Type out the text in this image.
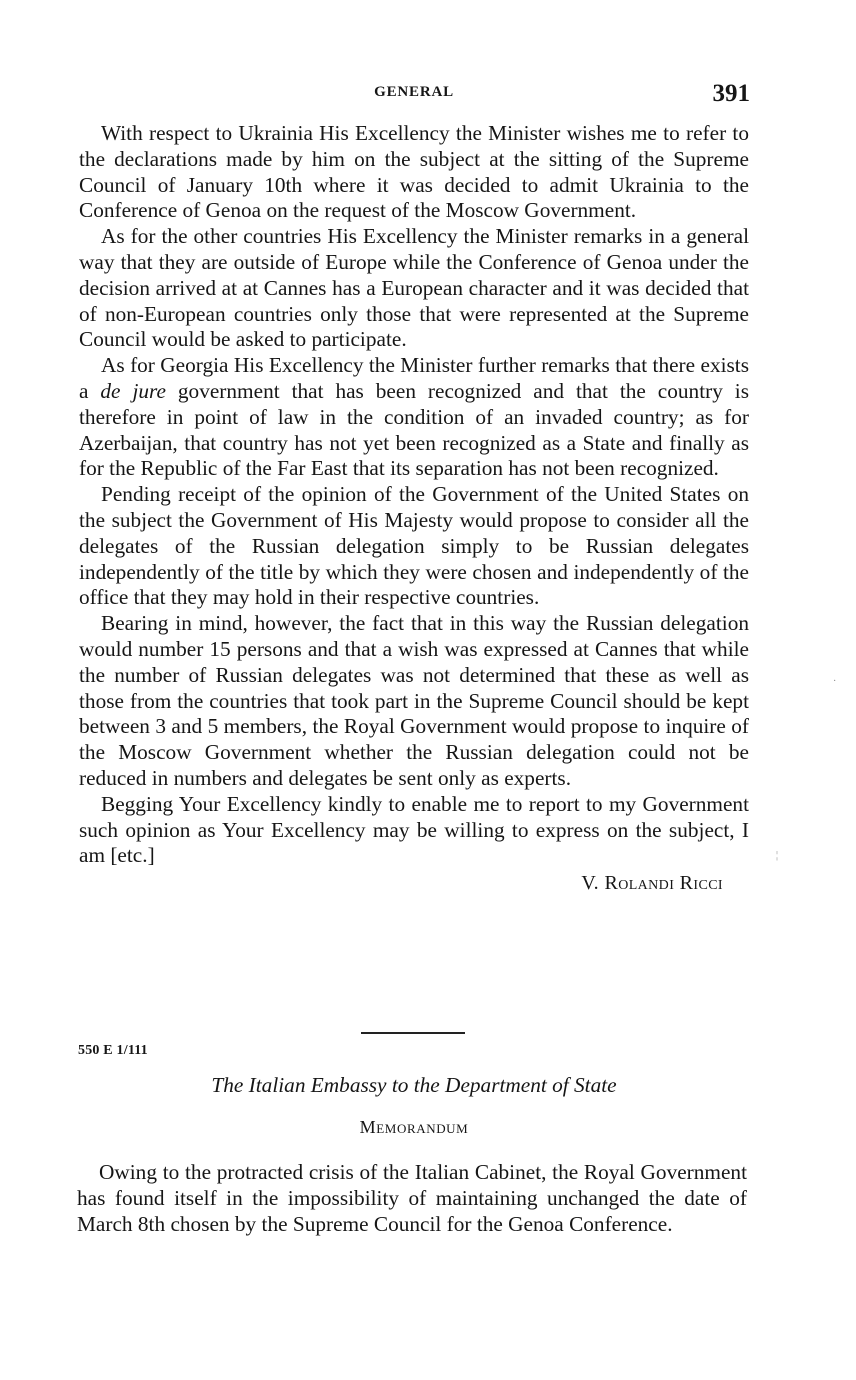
GENERAL	391

With respect to Ukrainia His Excellency the Minister wishes me to refer to the declarations made by him on the subject at the sitting of the Supreme Council of January 10th where it was decided to admit Ukrainia to the Conference of Genoa on the request of the Moscow Government.

As for the other countries His Excellency the Minister remarks in a general way that they are outside of Europe while the Conference of Genoa under the decision arrived at at Cannes has a European character and it was decided that of non-European countries only those that were represented at the Supreme Council would be asked to participate.

As for Georgia His Excellency the Minister further remarks that there exists a de jure government that has been recognized and that the country is therefore in point of law in the condition of an invaded country; as for Azerbaijan, that country has not yet been recognized as a State and finally as for the Republic of the Far East that its separation has not been recognized.

Pending receipt of the opinion of the Government of the United States on the subject the Government of His Majesty would propose to consider all the delegates of the Russian delegation simply to be Russian delegates independently of the title by which they were chosen and independently of the office that they may hold in their respective countries.

Bearing in mind, however, the fact that in this way the Russian delegation would number 15 persons and that a wish was expressed at Cannes that while the number of Russian delegates was not determined that these as well as those from the countries that took part in the Supreme Council should be kept between 3 and 5 members, the Royal Government would propose to inquire of the Moscow Government whether the Russian delegation could not be reduced in numbers and delegates be sent only as experts.

Begging Your Excellency kindly to enable me to report to my Government such opinion as Your Excellency may be willing to express on the subject, I am [etc.]

V. Rolandi Ricci

550 E 1/111
The Italian Embassy to the Department of State
Memorandum

Owing to the protracted crisis of the Italian Cabinet, the Royal Government has found itself in the impossibility of maintaining unchanged the date of March 8th chosen by the Supreme Council for the Genoa Conference.

·
¦
